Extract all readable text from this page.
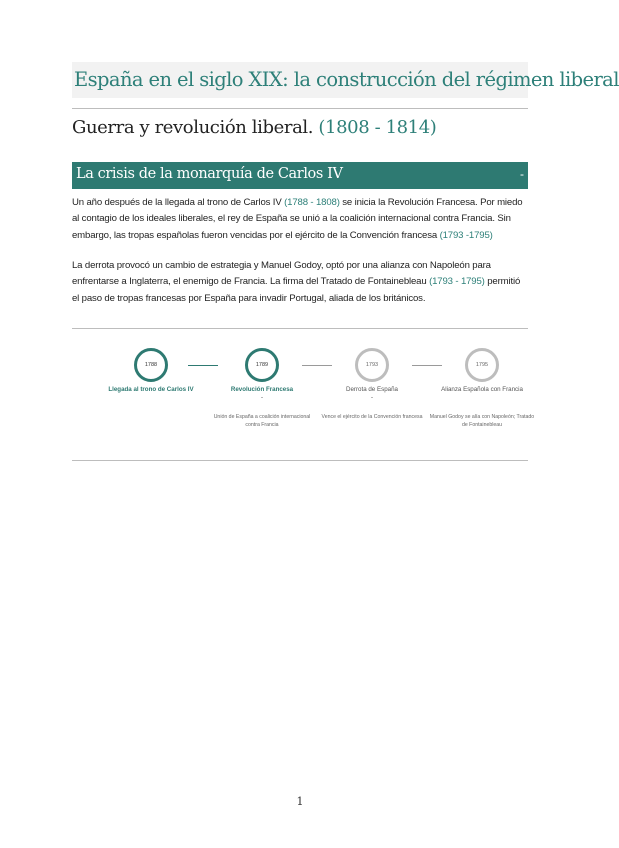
España en el siglo XIX: la construcción del régimen liberal
Guerra y revolución liberal. (1808 - 1814)
La crisis de la monarquía de Carlos IV	-
Un año después de la llegada al trono de Carlos IV (1788 - 1808) se inicia la Revolución Francesa. Por miedo al contagio de los ideales liberales, el rey de España se unió a la coalición internacional contra Francia. Sin embargo, las tropas españolas fueron vencidas por el ejército de la Convención francesa (1793 -1795)
La derrota provocó un cambio de estrategia y Manuel Godoy, optó por una alianza con Napoleón para enfrentarse a Inglaterra, el enemigo de Francia. La firma del Tratado de Fontainebleau (1793 - 1795) permitió el paso de tropas francesas por España para invadir Portugal, aliada de los británicos.
1788
Llegada al trono de Carlos IV
1789
Revolución Francesa
-
Unión de España a coalición internacional contra Francia
1793
Derrota de España
-
Vence el ejército de la Convención francesa
1795
Alianza Española con Francia
Manuel Godoy se alía con Napoleón; Tratado de Fontainebleau
1
